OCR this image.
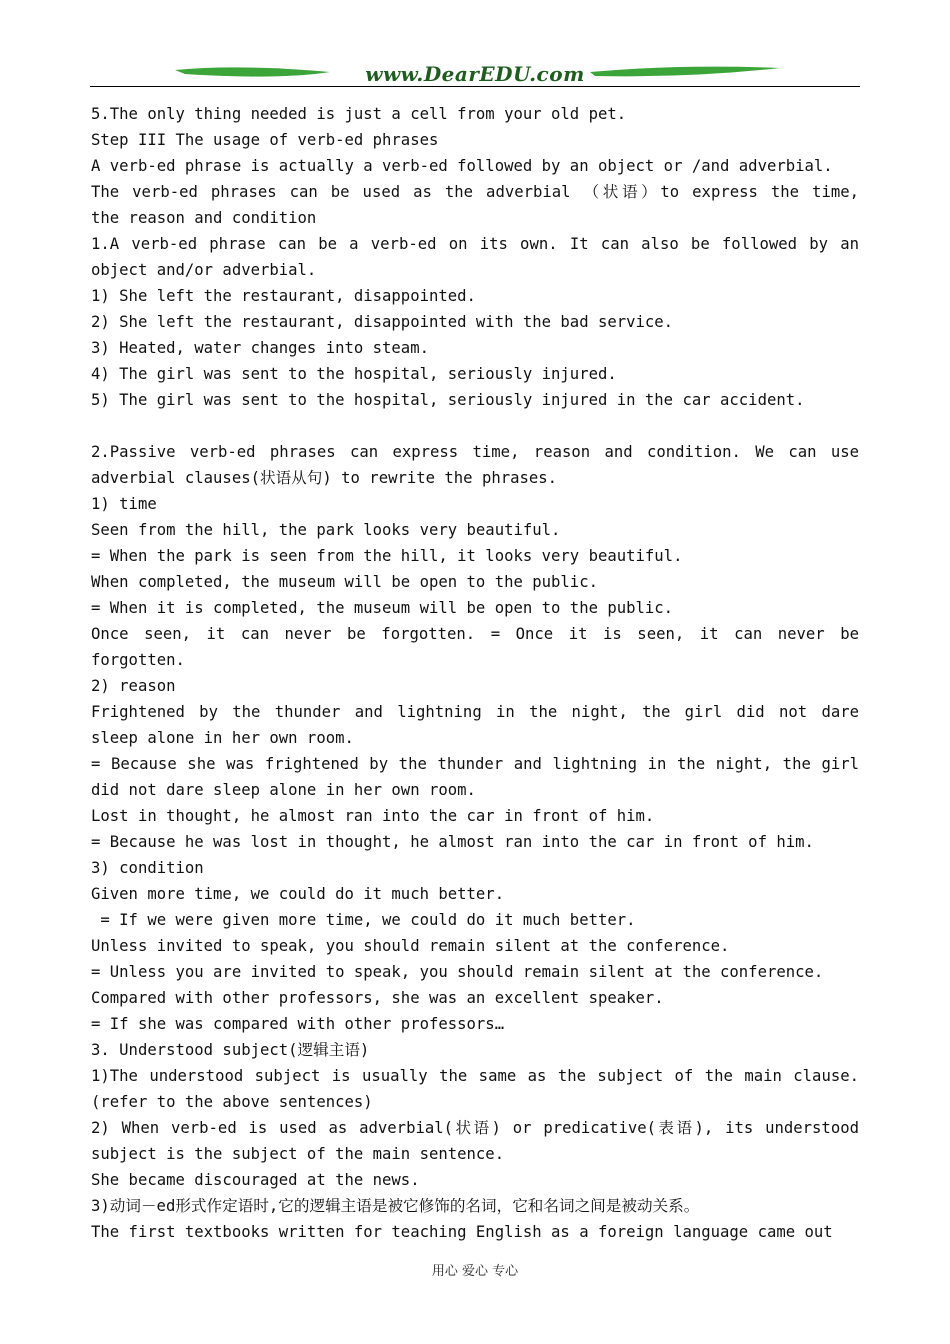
www.DearEDU.com
5.The only thing needed is just a cell from your old pet.
Step III The usage of verb-ed phrases
A verb-ed phrase is actually a verb-ed followed by an object or /and adverbial.
The verb-ed phrases can be used as the adverbial （状语）to express the time,
the reason and condition
1.A verb-ed phrase can be a verb-ed on its own. It can also be followed by an
object and/or adverbial.
1) She left the restaurant, disappointed.
2) She left the restaurant, disappointed with the bad service.
3) Heated, water changes into steam.
4) The girl was sent to the hospital, seriously injured.
5) The girl was sent to the hospital, seriously injured in the car accident.
2.Passive verb-ed phrases can express time, reason and condition. We can use
adverbial clauses(状语从句) to rewrite the phrases.
1) time
Seen from the hill, the park looks very beautiful.
= When the park is seen from the hill, it looks very beautiful.
When completed, the museum will be open to the public.
= When it is completed, the museum will be open to the public.
Once seen, it can never be forgotten. = Once it is seen, it can never be
forgotten.
2) reason
Frightened by the thunder and lightning in the night, the girl did not dare
sleep alone in her own room.
= Because she was frightened by the thunder and lightning in the night, the girl
did not dare sleep alone in her own room.
Lost in thought, he almost ran into the car in front of him.
= Because he was lost in thought, he almost ran into the car in front of him.
3) condition
Given more time, we could do it much better.
= If we were given more time, we could do it much better.
Unless invited to speak, you should remain silent at the conference.
= Unless you are invited to speak, you should remain silent at the conference.
Compared with other professors, she was an excellent speaker.
= If she was compared with other professors…
3. Understood subject(逻辑主语)
1)The understood subject is usually the same as the subject of the main clause.
(refer to the above sentences)
2) When verb-ed is used as adverbial(状语) or predicative(表语), its understood
subject is the subject of the main sentence.
She became discouraged at the news.
3)动词－ed形式作定语时,它的逻辑主语是被它修饰的名词，它和名词之间是被动关系。
The first textbooks written for teaching English as a foreign language came out
用心 爱心 专心
